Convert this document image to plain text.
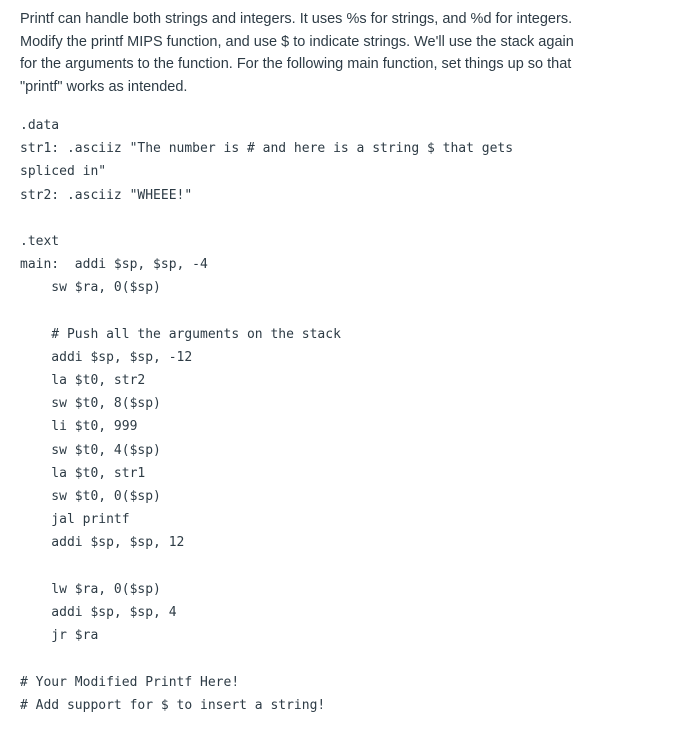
Printf can handle both strings and integers. It uses %s for strings, and %d for integers. Modify the printf MIPS function, and use $ to indicate strings. We'll use the stack again for the arguments to the function. For the following main function, set things up so that "printf" works as intended.

.data
str1: .asciiz "The number is # and here is a string $ that gets
spliced in"
str2: .asciiz "WHEEE!"
.text
main:  addi $sp, $sp, -4
sw $ra, 0($sp)
# Push all the arguments on the stack
addi $sp, $sp, -12
la $t0, str2
sw $t0, 8($sp)
li $t0, 999
sw $t0, 4($sp)
la $t0, str1
sw $t0, 0($sp)
jal printf
addi $sp, $sp, 12
lw $ra, 0($sp)
addi $sp, $sp, 4
jr $ra
# Your Modified Printf Here!
# Add support for $ to insert a string!
